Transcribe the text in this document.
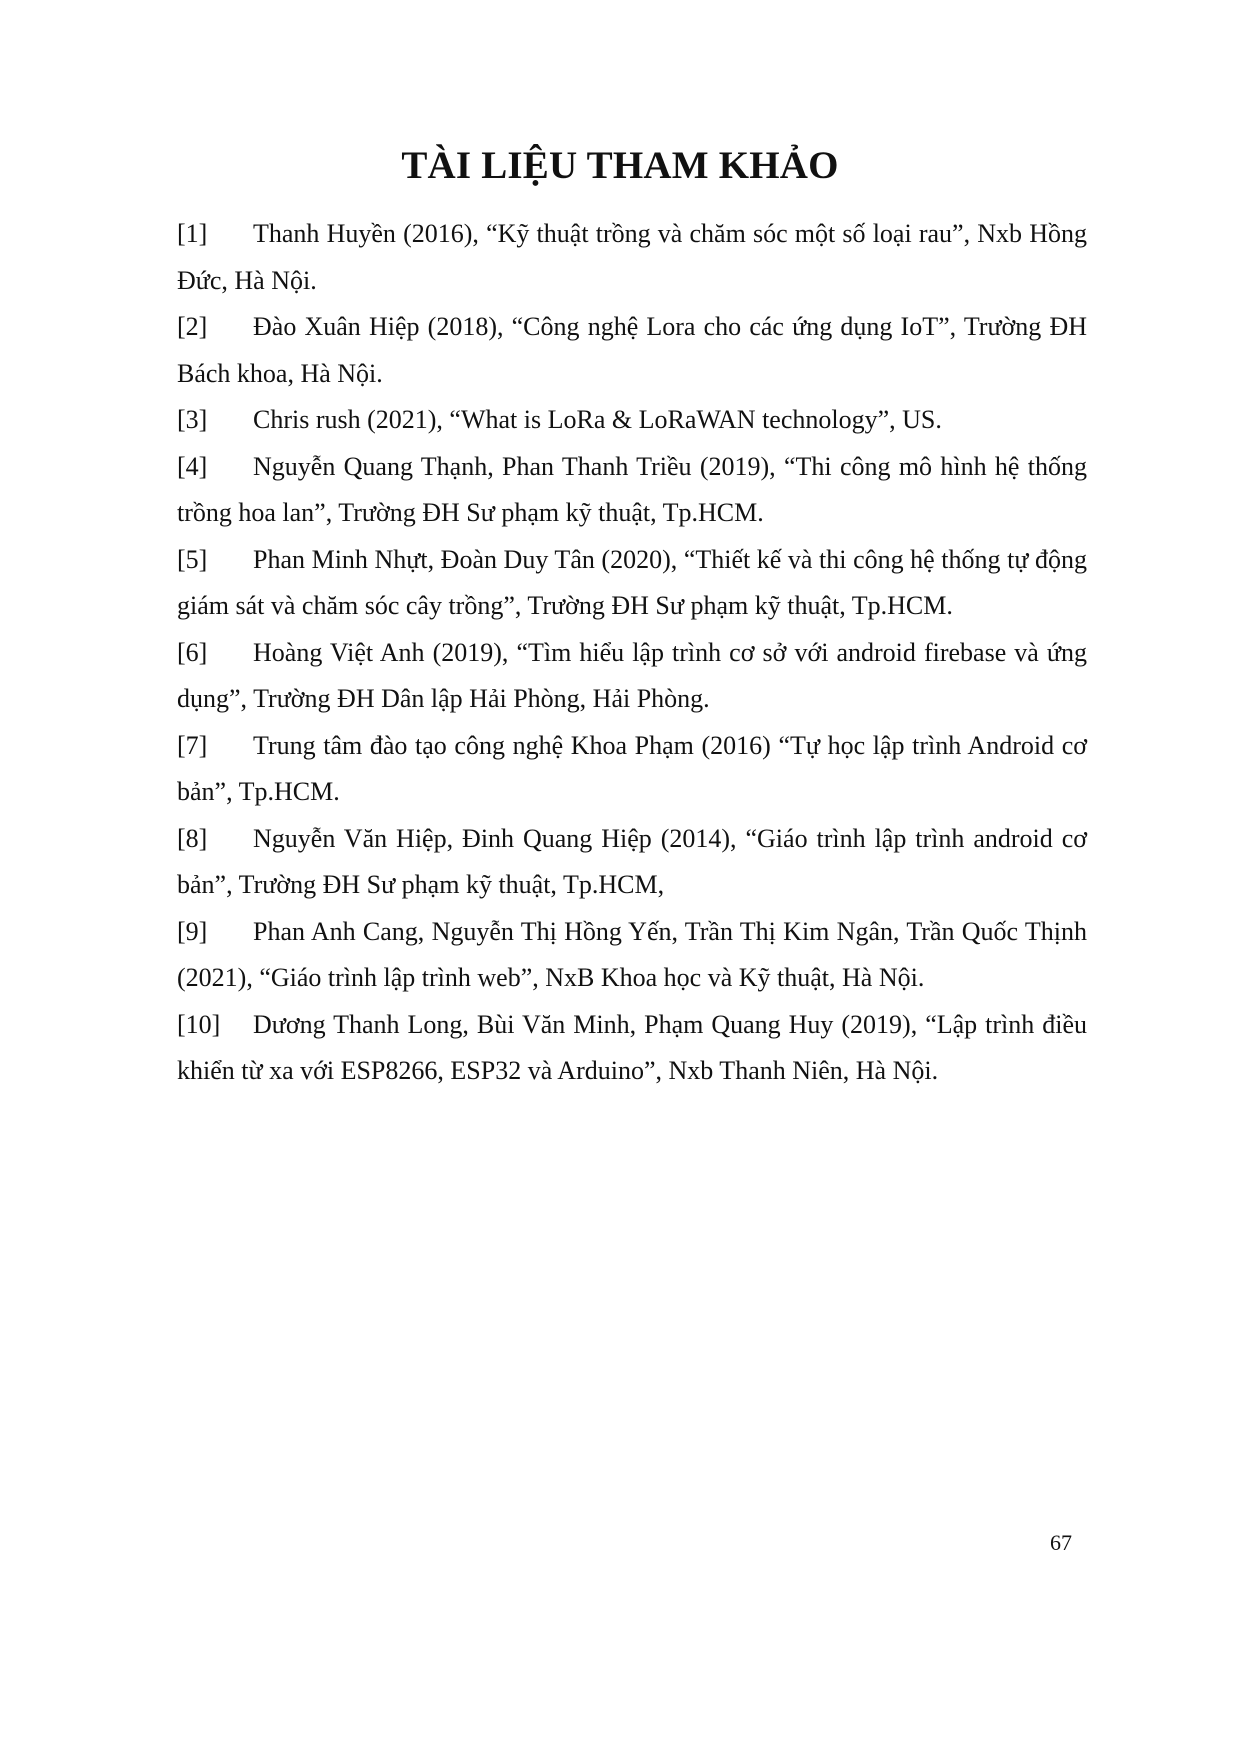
TÀI LIỆU THAM KHẢO
[1] Thanh Huyền (2016), “Kỹ thuật trồng và chăm sóc một số loại rau”, Nxb Hồng Đức, Hà Nội.
[2] Đào Xuân Hiệp (2018), “Công nghệ Lora cho các ứng dụng IoT”, Trường ĐH Bách khoa, Hà Nội.
[3] Chris rush (2021), “What is LoRa & LoRaWAN technology”, US.
[4] Nguyễn Quang Thạnh, Phan Thanh Triều (2019), “Thi công mô hình hệ thống trồng hoa lan”, Trường ĐH Sư phạm kỹ thuật, Tp.HCM.
[5] Phan Minh Nhựt, Đoàn Duy Tân (2020), “Thiết kế và thi công hệ thống tự động giám sát và chăm sóc cây trồng”, Trường ĐH Sư phạm kỹ thuật, Tp.HCM.
[6] Hoàng Việt Anh (2019), “Tìm hiểu lập trình cơ sở với android firebase và ứng dụng”, Trường ĐH Dân lập Hải Phòng, Hải Phòng.
[7] Trung tâm đào tạo công nghệ Khoa Phạm (2016) “Tự học lập trình Android cơ bản”, Tp.HCM.
[8] Nguyễn Văn Hiệp, Đinh Quang Hiệp (2014), “Giáo trình lập trình android cơ bản”, Trường ĐH Sư phạm kỹ thuật, Tp.HCM,
[9] Phan Anh Cang, Nguyễn Thị Hồng Yến, Trần Thị Kim Ngân, Trần Quốc Thịnh (2021), “Giáo trình lập trình web”, NxB Khoa học và Kỹ thuật, Hà Nội.
[10] Dương Thanh Long, Bùi Văn Minh, Phạm Quang Huy (2019), “Lập trình điều khiển từ xa với ESP8266, ESP32 và Arduino”, Nxb Thanh Niên, Hà Nội.
67
